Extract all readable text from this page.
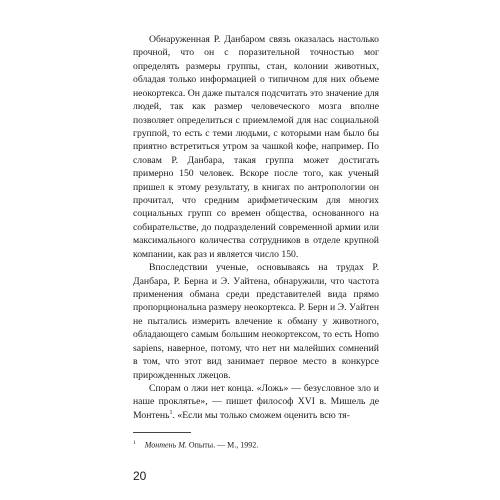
Обнаруженная Р. Данбаром связь оказалась настолько прочной, что он с поразительной точностью мог определять размеры группы, стан, колонии животных, обладая только информацией о типичном для них объеме неокортекса. Он даже пытался подсчитать это значение для людей, так как размер человеческого мозга вполне позволяет определиться с приемлемой для нас социальной группой, то есть с теми людьми, с которыми нам было бы приятно встретиться утром за чашкой кофе, например. По словам Р. Данбара, такая группа может достигать примерно 150 человек. Вскоре после того, как ученый пришел к этому результату, в книгах по антропологии он прочитал, что средним арифметическим для многих социальных групп со времен общества, основанного на собирательстве, до подразделений современной армии или максимального количества сотрудников в отделе крупной компании, как раз и является число 150.

Впоследствии ученые, основываясь на трудах Р. Данбара, Р. Берна и Э. Уайтена, обнаружили, что частота применения обмана среди представителей вида прямо пропорциональна размеру неокортекса. Р. Берн и Э. Уайтен не пытались измерить влечение к обману у животного, обладающего самым большим неокортексом, то есть Homo sapiens, наверное, потому, что нет ни малейших сомнений в том, что этот вид занимает первое место в конкурсе прирожденных лжецов.

Спорам о лжи нет конца. «Ложь» — безусловное зло и наше проклятье», — пишет философ XVI в. Мишель де Монтень$^1$. «Если мы только сможем оценить всю тя-

$^1$ Монтень М. Опыты. — М., 1992.
20
